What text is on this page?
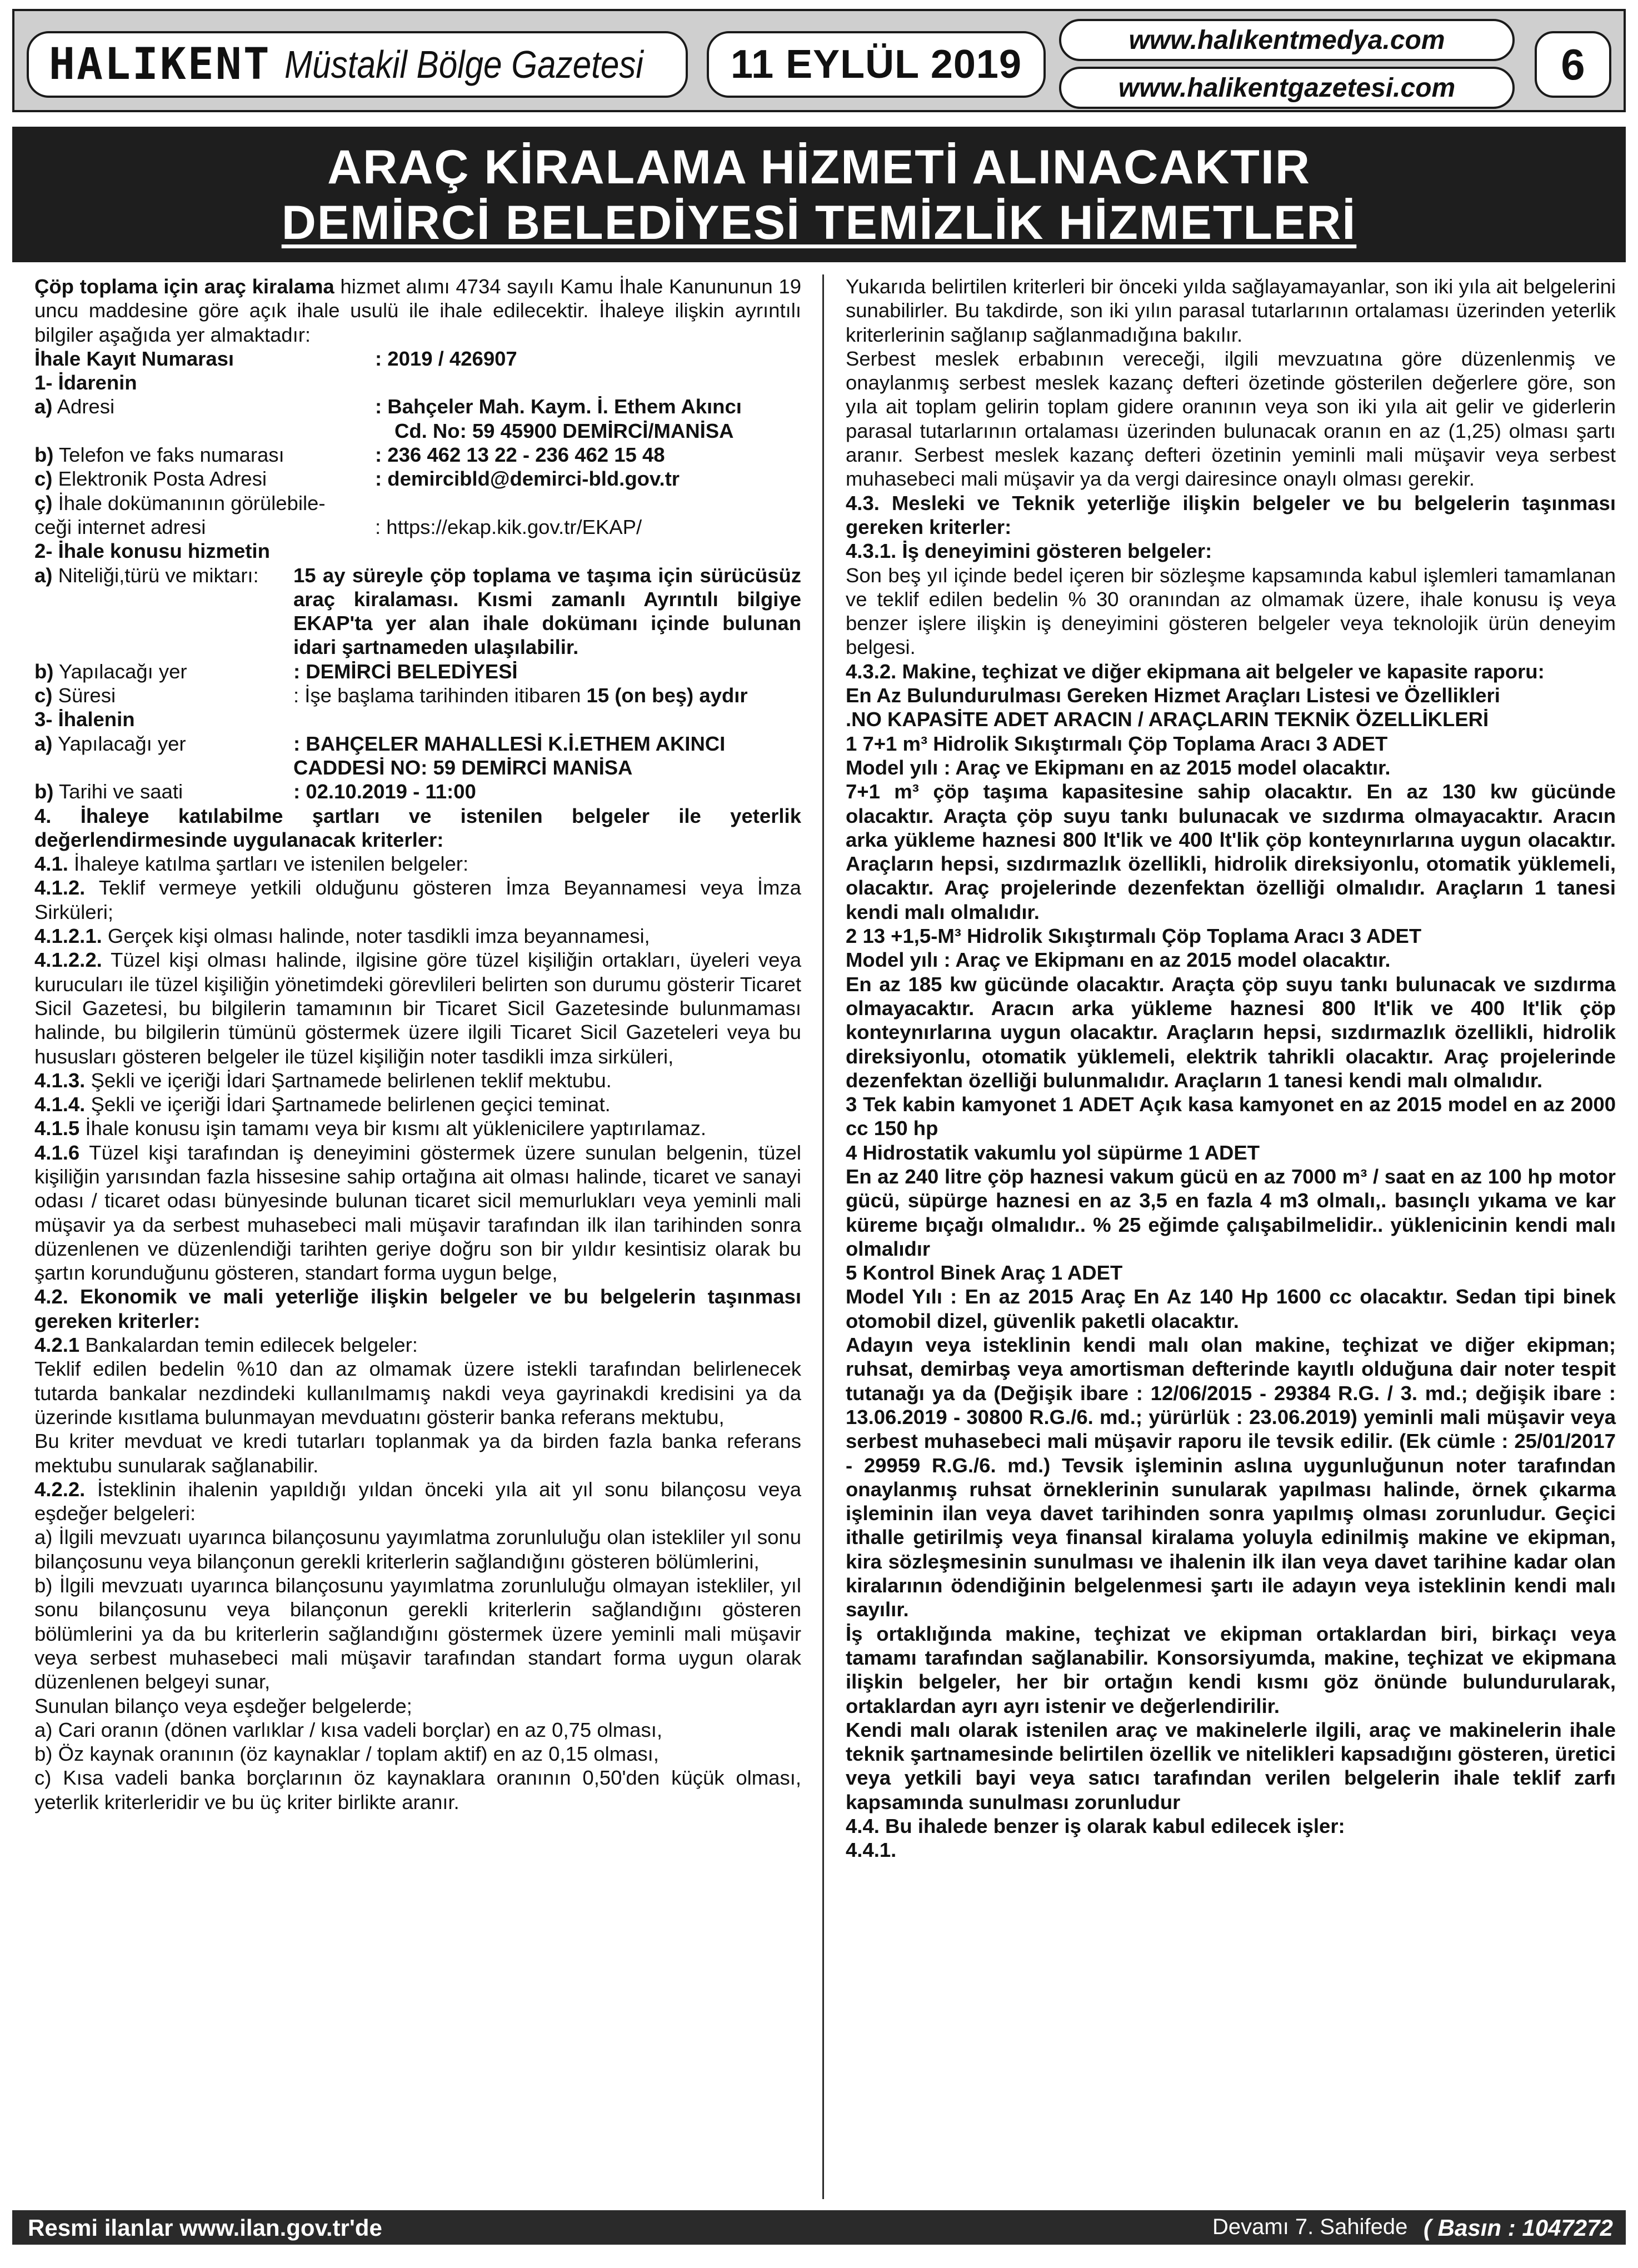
HALIKENT Müstakil Bölge Gazetesi	11 EYLÜL 2019
www.halıkentmedya.com
www.halikentgazetesi.com	6
ARAÇ KİRALAMA HİZMETİ ALINACAKTIR
DEMİRCİ BELEDİYESİ TEMİZLİK HİZMETLERİ

Çöp toplama için araç kiralama hizmet alımı 4734 sayılı Kamu İhale Kanununun 19 uncu maddesine göre açık ihale usulü ile ihale edilecektir. İhaleye ilişkin ayrıntılı bilgiler aşağıda yer almaktadır:

İhale Kayıt Numarası	: 2019 / 426907
1- İdarenin
a) Adresi	: Bahçeler Mah. Kaym. İ. Ethem Akıncı
Cd. No: 59 45900 DEMİRCİ/MANİSA
b) Telefon ve faks numarası	: 236 462 13 22 - 236 462 15 48
c) Elektronik Posta Adresi	: demircibld@demirci-bld.gov.tr
ç) İhale dokümanının görülebile-
ceği internet adresi	: https://ekap.kik.gov.tr/EKAP/
2- İhale konusu hizmetin
a) Niteliği,türü ve miktarı:	15 ay süreyle çöp toplama ve taşıma için sürücüsüz araç kiralaması. Kısmi zamanlı Ayrıntılı bilgiye EKAP'ta yer alan ihale dokümanı içinde bulunan idari şartnameden ulaşılabilir.
b) Yapılacağı yer	: DEMİRCİ BELEDİYESİ
c) Süresi	: İşe başlama tarihinden itibaren 15 (on beş) aydır
3- İhalenin
a) Yapılacağı yer	: BAHÇELER MAHALLESİ K.İ.ETHEM AKINCI CADDESİ NO: 59 DEMİRCİ MANİSA
b) Tarihi ve saati	: 02.10.2019 - 11:00

4. İhaleye katılabilme şartları ve istenilen belgeler ile yeterlik değerlendirmesinde uygulanacak kriterler:

4.1. İhaleye katılma şartları ve istenilen belgeler:

4.1.2. Teklif vermeye yetkili olduğunu gösteren İmza Beyannamesi veya İmza Sirküleri;

4.1.2.1. Gerçek kişi olması halinde, noter tasdikli imza beyannamesi,

4.1.2.2. Tüzel kişi olması halinde, ilgisine göre tüzel kişiliğin ortakları, üyeleri veya kurucuları ile tüzel kişiliğin yönetimdeki görevlileri belirten son durumu gösterir Ticaret Sicil Gazetesi, bu bilgilerin tamamının bir Ticaret Sicil Gazetesinde bulunmaması halinde, bu bilgilerin tümünü göstermek üzere ilgili Ticaret Sicil Gazeteleri veya bu hususları gösteren belgeler ile tüzel kişiliğin noter tasdikli imza sirküleri,

4.1.3. Şekli ve içeriği İdari Şartnamede belirlenen teklif mektubu.

4.1.4. Şekli ve içeriği İdari Şartnamede belirlenen geçici teminat.

4.1.5 İhale konusu işin tamamı veya bir kısmı alt yüklenicilere yaptırılamaz.

4.1.6 Tüzel kişi tarafından iş deneyimini göstermek üzere sunulan belgenin, tüzel kişiliğin yarısından fazla hissesine sahip ortağına ait olması halinde, ticaret ve sanayi odası / ticaret odası bünyesinde bulunan ticaret sicil memurlukları veya yeminli mali müşavir ya da serbest muhasebeci mali müşavir tarafından ilk ilan tarihinden sonra düzenlenen ve düzenlendiği tarihten geriye doğru son bir yıldır kesintisiz olarak bu şartın korunduğunu gösteren, standart forma uygun belge,

4.2. Ekonomik ve mali yeterliğe ilişkin belgeler ve bu belgelerin taşınması gereken kriterler:

4.2.1 Bankalardan temin edilecek belgeler:

Teklif edilen bedelin %10 dan az olmamak üzere istekli tarafından belirlenecek tutarda bankalar nezdindeki kullanılmamış nakdi veya gayrinakdi kredisini ya da üzerinde kısıtlama bulunmayan mevduatını gösterir banka referans mektubu,

Bu kriter mevduat ve kredi tutarları toplanmak ya da birden fazla banka referans mektubu sunularak sağlanabilir.

4.2.2. İsteklinin ihalenin yapıldığı yıldan önceki yıla ait yıl sonu bilançosu veya eşdeğer belgeleri:

a) İlgili mevzuatı uyarınca bilançosunu yayımlatma zorunluluğu olan istekliler yıl sonu bilançosunu veya bilançonun gerekli kriterlerin sağlandığını gösteren bölümlerini,

b) İlgili mevzuatı uyarınca bilançosunu yayımlatma zorunluluğu olmayan istekliler, yıl sonu bilançosunu veya bilançonun gerekli kriterlerin sağlandığını gösteren bölümlerini ya da bu kriterlerin sağlandığını göstermek üzere yeminli mali müşavir veya serbest muhasebeci mali müşavir tarafından standart forma uygun olarak düzenlenen belgeyi sunar,

Sunulan bilanço veya eşdeğer belgelerde;

a) Cari oranın (dönen varlıklar / kısa vadeli borçlar) en az 0,75 olması,

b) Öz kaynak oranının (öz kaynaklar / toplam aktif) en az 0,15 olması,

c) Kısa vadeli banka borçlarının öz kaynaklara oranının 0,50'den küçük olması, yeterlik kriterleridir ve bu üç kriter birlikte aranır.

Yukarıda belirtilen kriterleri bir önceki yılda sağlayamayanlar, son iki yıla ait belgelerini sunabilirler. Bu takdirde, son iki yılın parasal tutarlarının ortalaması üzerinden yeterlik kriterlerinin sağlanıp sağlanmadığına bakılır.

Serbest meslek erbabının vereceği, ilgili mevzuatına göre düzenlenmiş ve onaylanmış serbest meslek kazanç defteri özetinde gösterilen değerlere göre, son yıla ait toplam gelirin toplam gidere oranının veya son iki yıla ait gelir ve giderlerin parasal tutarlarının ortalaması üzerinden bulunacak oranın en az (1,25) olması şartı aranır. Serbest meslek kazanç defteri özetinin yeminli mali müşavir veya serbest muhasebeci mali müşavir ya da vergi dairesince onaylı olması gerekir.

4.3. Mesleki ve Teknik yeterliğe ilişkin belgeler ve bu belgelerin taşınması gereken kriterler:

4.3.1. İş deneyimini gösteren belgeler:

Son beş yıl içinde bedel içeren bir sözleşme kapsamında kabul işlemleri tamamlanan ve teklif edilen bedelin % 30 oranından az olmamak üzere, ihale konusu iş veya benzer işlere ilişkin iş deneyimini gösteren belgeler veya teknolojik ürün deneyim belgesi.

4.3.2. Makine, teçhizat ve diğer ekipmana ait belgeler ve kapasite raporu:

En Az Bulundurulması Gereken Hizmet Araçları Listesi ve Özellikleri

.NO KAPASİTE ADET ARACIN / ARAÇLARIN TEKNİK ÖZELLİKLERİ

1 7+1 m³ Hidrolik Sıkıştırmalı Çöp Toplama Aracı 3 ADET

Model yılı : Araç ve Ekipmanı en az 2015 model olacaktır.

7+1 m³ çöp taşıma kapasitesine sahip olacaktır. En az 130 kw gücünde olacaktır. Araçta çöp suyu tankı bulunacak ve sızdırma olmayacaktır. Aracın arka yükleme haznesi 800 lt'lik ve 400 lt'lik çöp konteynırlarına uygun olacaktır. Araçların hepsi, sızdırmazlık özellikli, hidrolik direksiyonlu, otomatik yüklemeli, olacaktır. Araç projelerinde dezenfektan özelliği olmalıdır. Araçların 1 tanesi kendi malı olmalıdır.

2 13 +1,5-M³ Hidrolik Sıkıştırmalı Çöp Toplama Aracı 3 ADET

Model yılı : Araç ve Ekipmanı en az 2015 model olacaktır.

En az 185 kw gücünde olacaktır. Araçta çöp suyu tankı bulunacak ve sızdırma olmayacaktır. Aracın arka yükleme haznesi 800 lt'lik ve 400 lt'lik çöp konteynırlarına uygun olacaktır. Araçların hepsi, sızdırmazlık özellikli, hidrolik direksiyonlu, otomatik yüklemeli, elektrik tahrikli olacaktır. Araç projelerinde dezenfektan özelliği bulunmalıdır. Araçların 1 tanesi kendi malı olmalıdır.

3 Tek kabin kamyonet 1 ADET Açık kasa kamyonet en az 2015 model en az 2000 cc 150 hp

4 Hidrostatik vakumlu yol süpürme 1 ADET

En az 240 litre çöp haznesi vakum gücü en az 7000 m³ / saat en az 100 hp motor gücü, süpürge haznesi en az 3,5 en fazla 4 m3 olmalı,. basınçlı yıkama ve kar küreme bıçağı olmalıdır.. % 25 eğimde çalışabilmelidir.. yüklenicinin kendi malı olmalıdır

5 Kontrol Binek Araç 1 ADET

Model Yılı : En az 2015 Araç En Az 140 Hp 1600 cc olacaktır. Sedan tipi binek otomobil dizel, güvenlik paketli olacaktır.

Adayın veya isteklinin kendi malı olan makine, teçhizat ve diğer ekipman; ruhsat, demirbaş veya amortisman defterinde kayıtlı olduğuna dair noter tespit tutanağı ya da (Değişik ibare : 12/06/2015 - 29384 R.G. / 3. md.; değişik ibare : 13.06.2019 - 30800 R.G./6. md.; yürürlük : 23.06.2019) yeminli mali müşavir veya serbest muhasebeci mali müşavir raporu ile tevsik edilir. (Ek cümle : 25/01/2017 - 29959 R.G./6. md.) Tevsik işleminin aslına uygunluğunun noter tarafından onaylanmış ruhsat örneklerinin sunularak yapılması halinde, örnek çıkarma işleminin ilan veya davet tarihinden sonra yapılmış olması zorunludur. Geçici ithalle getirilmiş veya finansal kiralama yoluyla edinilmiş makine ve ekipman, kira sözleşmesinin sunulması ve ihalenin ilk ilan veya davet tarihine kadar olan kiralarının ödendiğinin belgelenmesi şartı ile adayın veya isteklinin kendi malı sayılır.

İş ortaklığında makine, teçhizat ve ekipman ortaklardan biri, birkaçı veya tamamı tarafından sağlanabilir. Konsorsiyumda, makine, teçhizat ve ekipmana ilişkin belgeler, her bir ortağın kendi kısmı göz önünde bulundurularak, ortaklardan ayrı ayrı istenir ve değerlendirilir.

Kendi malı olarak istenilen araç ve makinelerle ilgili, araç ve makinelerin ihale teknik şartnamesinde belirtilen özellik ve nitelikleri kapsadığını gösteren, üretici veya yetkili bayi veya satıcı tarafından verilen belgelerin ihale teklif zarfı kapsamında sunulması zorunludur

4.4. Bu ihalede benzer iş olarak kabul edilecek işler:

4.4.1.

Resmi ilanlar www.ilan.gov.tr'de	Devamı 7. Sahifede ( Basın : 1047272 )
